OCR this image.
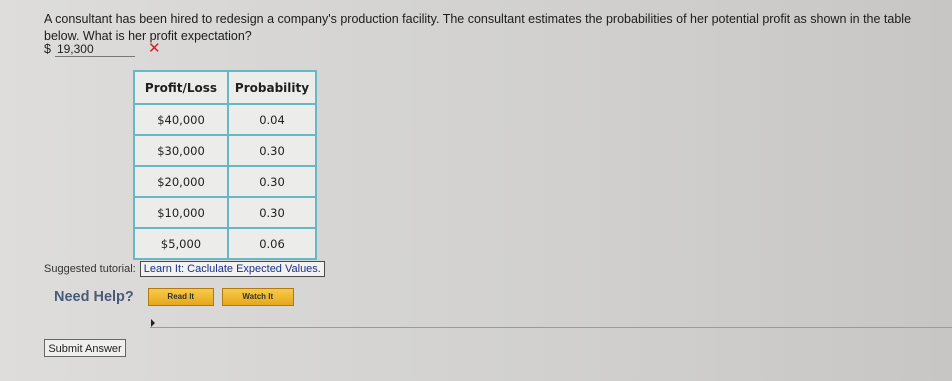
A consultant has been hired to redesign a company's production facility. The consultant estimates the probabilities of her potential profit as shown in the table below. What is her profit expectation?
$ 19,300	✕
Profit/Loss	Probability
$40,000	0.04
$30,000	0.30
$20,000	0.30
$10,000	0.30
$5,000	0.06
Suggested tutorial: Learn It: Caclulate Expected Values.
Need Help?	Read It	Watch It
Submit Answer
